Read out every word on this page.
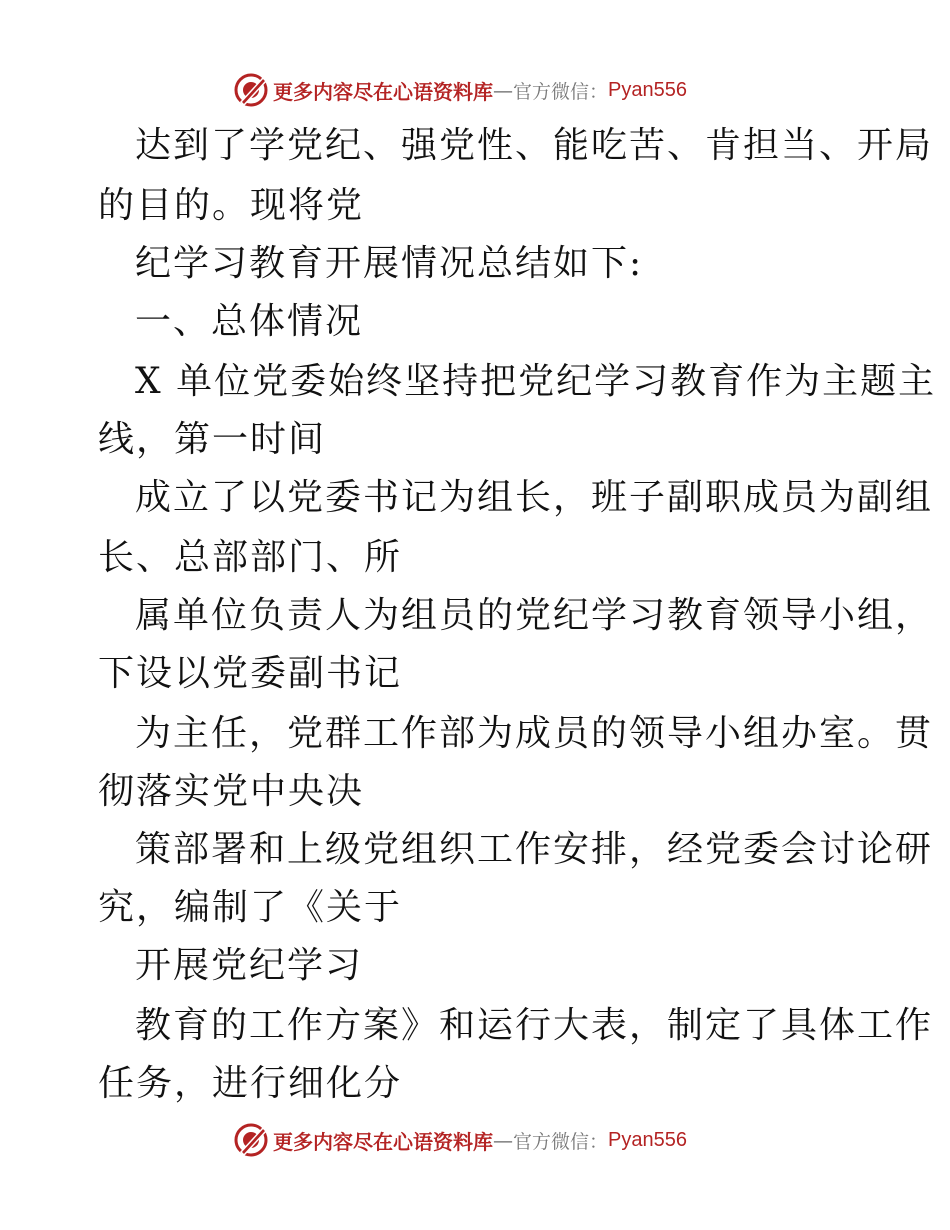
更多内容尽在心语资料库 — 官方微信： Pyan556

达到了学党纪、强党性、能吃苦、肯担当、开局

的目的。现将党

纪学习教育开展情况总结如下:

一、总体情况

X 单位党委始终坚持把党纪学习教育作为主题主

线，第一时间

成立了以党委书记为组长，班子副职成员为副组

长、总部部门、所

属单位负责人为组员的党纪学习教育领导小组，

下设以党委副书记

为主任，党群工作部为成员的领导小组办室。贯

彻落实党中央决

策部署和上级党组织工作安排，经党委会讨论研

究，编制了《关于

开展党纪学习

教育的工作方案》和运行大表，制定了具体工作

任务，进行细化分

更多内容尽在心语资料库 — 官方微信： Pyan556
